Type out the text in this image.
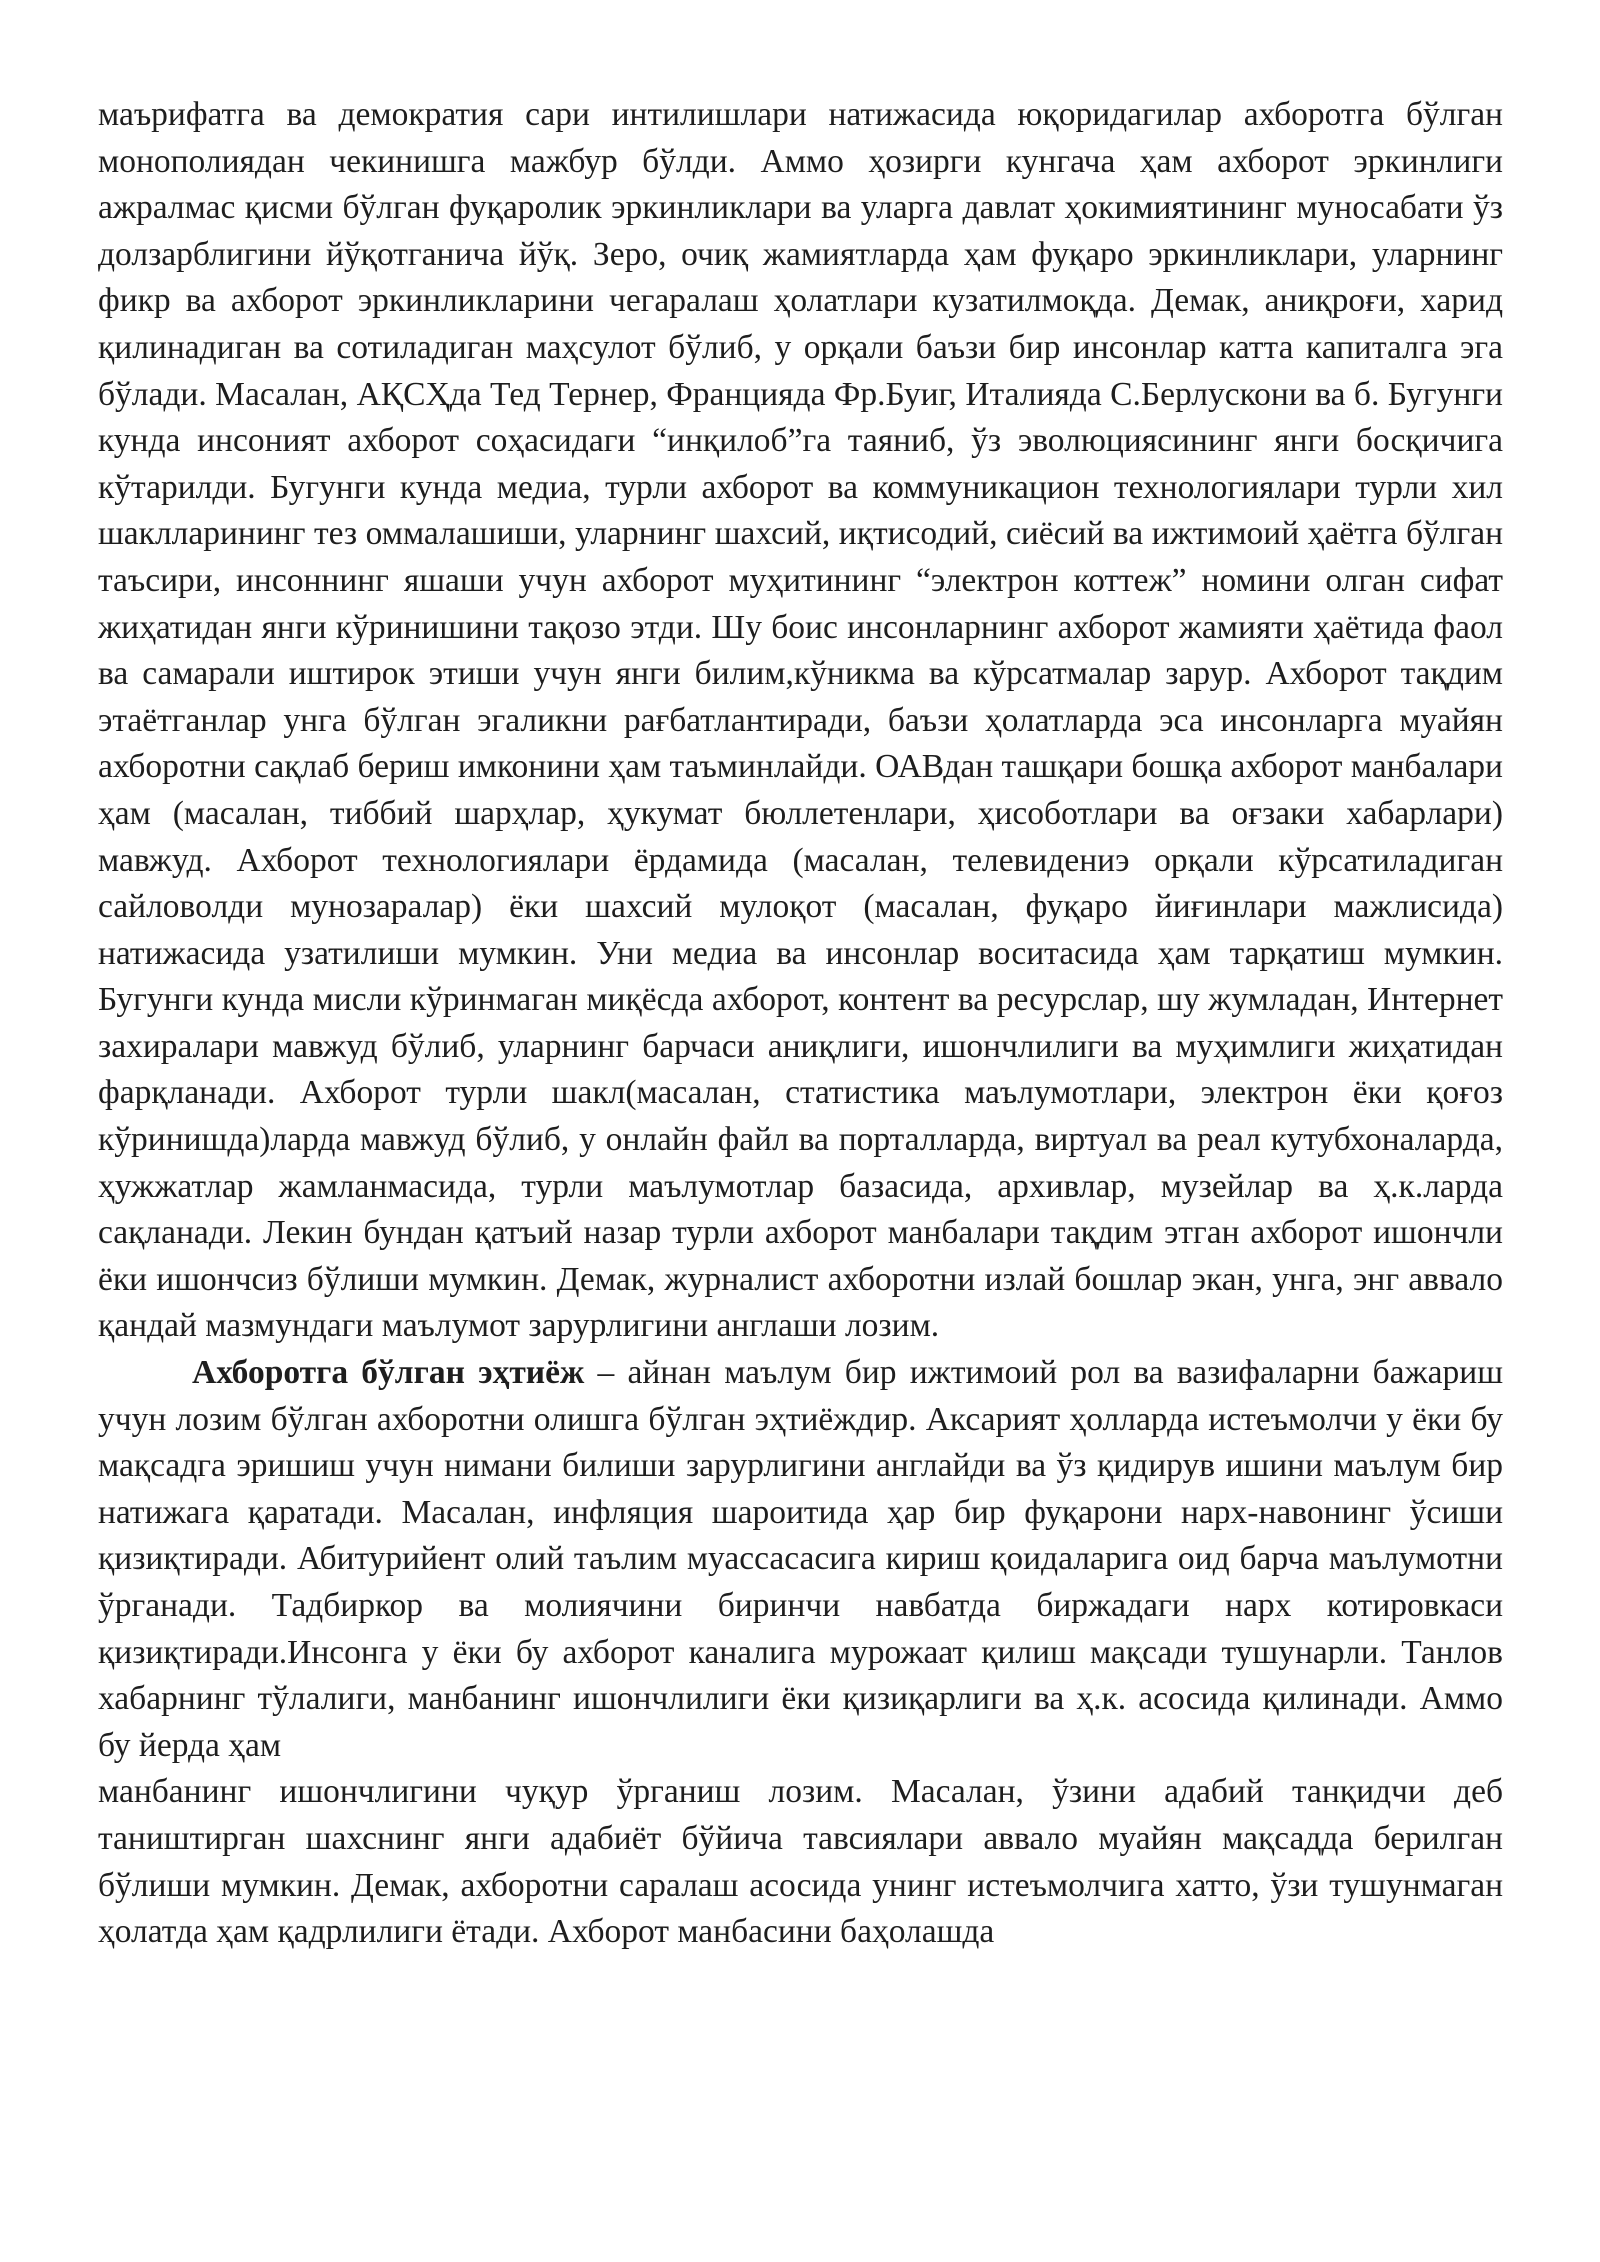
маърифатга ва демократия сари интилишлари натижасида юқоридагилар ахборотга бўлган монополиядан чекинишга мажбур бўлди. Аммо ҳозирги кунгача ҳам ахборот эркинлиги ажралмас қисми бўлган фуқаролик эркинликлари ва уларга давлат ҳокимиятининг муносабати ўз долзарблигини йўқотганича йўқ. Зеро, очиқ жамиятларда ҳам фуқаро эркинликлари, уларнинг фикр ва ахборот эркинликларини чегаралаш ҳолатлари кузатилмоқда. Демак, аниқроғи, харид қилинадиган ва сотиладиган маҳсулот бўлиб, у орқали баъзи бир инсонлар катта капиталга эга бўлади. Масалан, АҚСҲда Тед Тернер, Францияда Фр.Буиг, Италияда С.Берлускони ва б. Бугунги кунда инсоният ахборот соҳасидаги “инқилоб”га таяниб, ўз эволюциясининг янги босқичига кўтарилди. Бугунги кунда медиа, турли ахборот ва коммуникацион технологиялари турли хил шаклларининг тез оммалашиши, уларнинг шахсий, иқтисодий, сиёсий ва ижтимоий ҳаётга бўлган таъсири, инсоннинг яшаши учун ахборот муҳитининг “электрон коттеж” номини олган сифат жиҳатидан янги кўринишини тақозо этди. Шу боис инсонларнинг ахборот жамияти ҳаётида фаол ва самарали иштирок этиши учун янги билим,кўникма ва кўрсатмалар зарур. Ахборот тақдим этаётганлар унга бўлган эгаликни рағбатлантиради, баъзи ҳолатларда эса инсонларга муайян ахборотни сақлаб бериш имконини ҳам таъминлайди. ОАВдан ташқари бошқа ахборот манбалари ҳам (масалан, тиббий шарҳлар, ҳукумат бюллетенлари, ҳисоботлари ва оғзаки хабарлари) мавжуд. Ахборот технологиялари ёрдамида (масалан, телевидениэ орқали кўрсатиладиган сайловолди мунозаралар) ёки шахсий мулоқот (масалан, фуқаро йиғинлари мажлисида) натижасида узатилиши мумкин. Уни медиа ва инсонлар воситасида ҳам тарқатиш мумкин. Бугунги кунда мисли кўринмаган миқёсда ахборот, контент ва ресурслар, шу жумладан, Интернет захиралари мавжуд бўлиб, уларнинг барчаси аниқлиги, ишончлилиги ва муҳимлиги жиҳатидан фарқланади. Ахборот турли шакл(масалан, статистика маълумотлари, электрон ёки қоғоз кўринишда)ларда мавжуд бўлиб, у онлайн файл ва порталларда, виртуал ва реал кутубхоналарда, ҳужжатлар жамланмасида, турли маълумотлар базасида, архивлар, музейлар ва ҳ.к.ларда сақланади. Лекин бундан қатъий назар турли ахборот манбалари тақдим этган ахборот ишончли ёки ишончсиз бўлиши мумкин. Демак, журналист ахборотни излай бошлар экан, унга, энг аввало қандай мазмундаги маълумот зарурлигини англаши лозим.

Ахборотга бўлган эҳтиёж – айнан маълум бир ижтимоий рол ва вазифаларни бажариш учун лозим бўлган ахборотни олишга бўлган эҳтиёждир. Аксарият ҳолларда истеъмолчи у ёки бу мақсадга эришиш учун нимани билиши зарурлигини англайди ва ўз қидирув ишини маълум бир натижага қаратади. Масалан, инфляция шароитида ҳар бир фуқарони нарх-навонинг ўсиши қизиқтиради. Абитурийент олий таълим муассасасига кириш қоидаларига оид барча маълумотни ўрганади. Тадбиркор ва молиячини биринчи навбатда биржадаги нарх котировкаси қизиқтиради.Инсонга у ёки бу ахборот каналига мурожаат қилиш мақсади тушунарли. Танлов хабарнинг тўлалиги, манбанинг ишончлилиги ёки қизиқарлиги ва ҳ.к. асосида қилинади. Аммо бу йерда ҳам

манбанинг ишончлигини чуқур ўрганиш лозим. Масалан, ўзини адабий танқидчи деб таништирган шахснинг янги адабиёт бўйича тавсиялари аввало муайян мақсадда берилган бўлиши мумкин. Демак, ахборотни саралаш асосида унинг истеъмолчига хатто, ўзи тушунмаган ҳолатда ҳам қадрлилиги ётади. Ахборот манбасини баҳолашда
